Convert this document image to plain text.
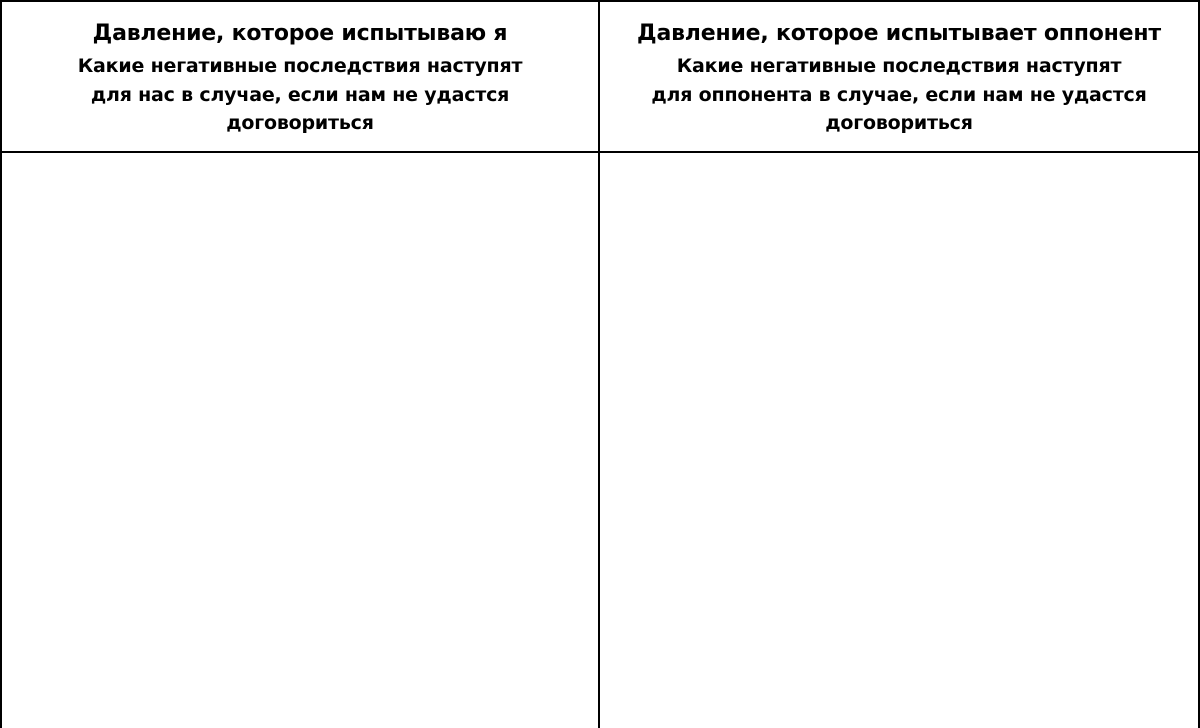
Давление, которое испытываю я
Какие негативные последствия наступят
для нас в случае, если нам не удастся
договориться
Давление, которое испытывает оппонент
Какие негативные последствия наступят
для оппонента в случае, если нам не удастся
договориться
